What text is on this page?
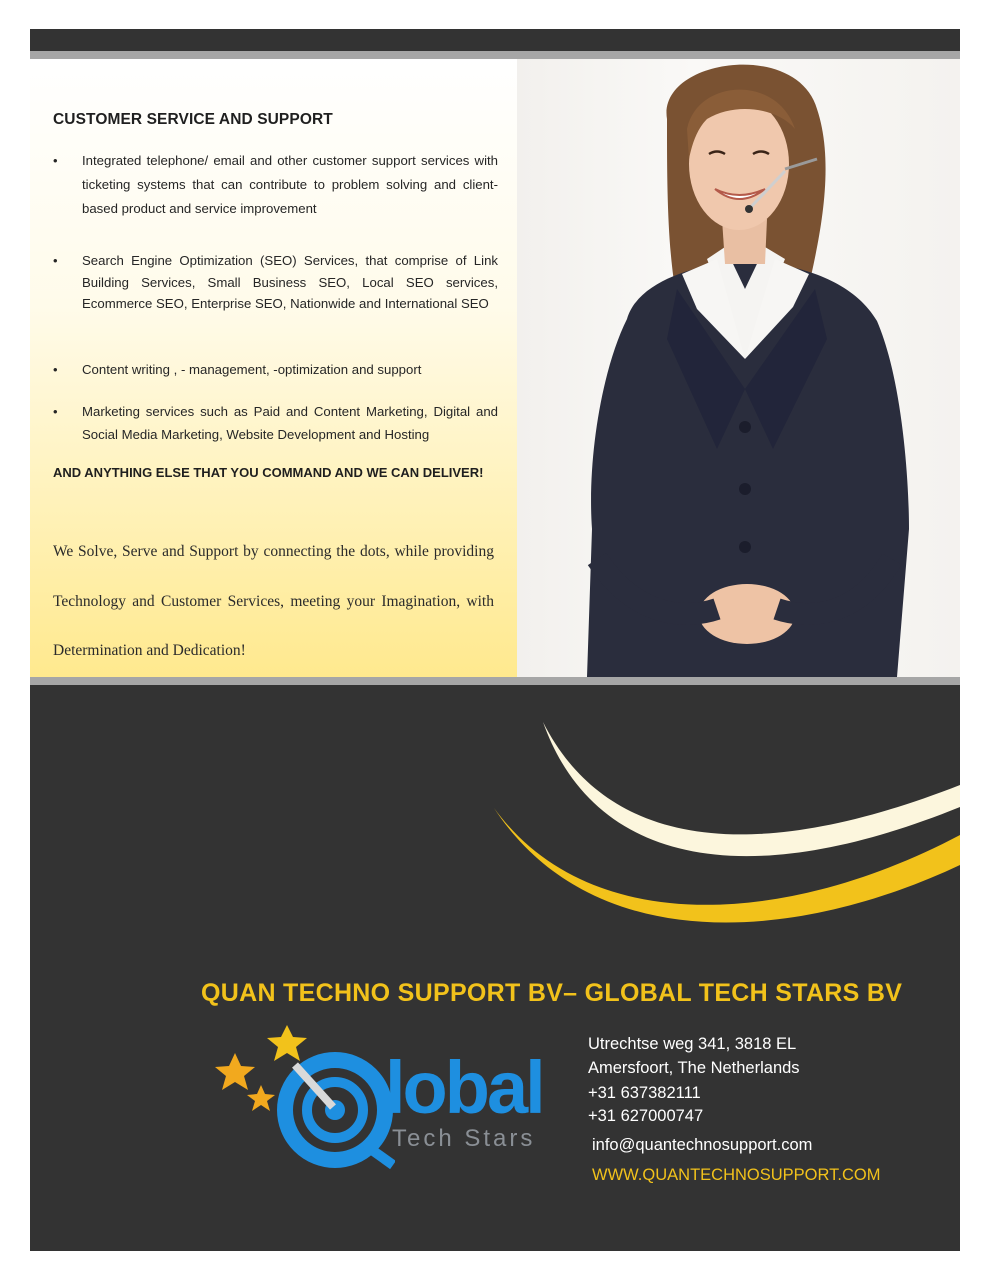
CUSTOMER SERVICE AND SUPPORT
•	Integrated telephone/ email and other customer support services with ticketing systems that can contribute to problem solving and client- based product and service improvement
•	Search Engine Optimization (SEO) Services, that comprise of Link Building Services, Small Business SEO, Local SEO services, Ecommerce SEO, Enterprise SEO, Nationwide and International SEO
•	Content writing , - management, -optimization and support
•	Marketing services such as Paid and Content Marketing, Digital and Social Media Marketing, Website Development and Hosting

AND ANYTHING ELSE THAT YOU COMMAND AND WE CAN DELIVER!

We Solve, Serve and Support by connecting the dots, while providing Technology and Customer Services, meeting your Imagination, with Determination and Dedication!

QUAN TECHNO SUPPORT BV– GLOBAL TECH STARS BV

lobal

Tech Stars

Utrechtse weg 341, 3818 EL
Amersfoort, The Netherlands
+31 637382111
+31 627000747
info@quantechnosupport.com
WWW.QUANTECHNOSUPPORT.COM
